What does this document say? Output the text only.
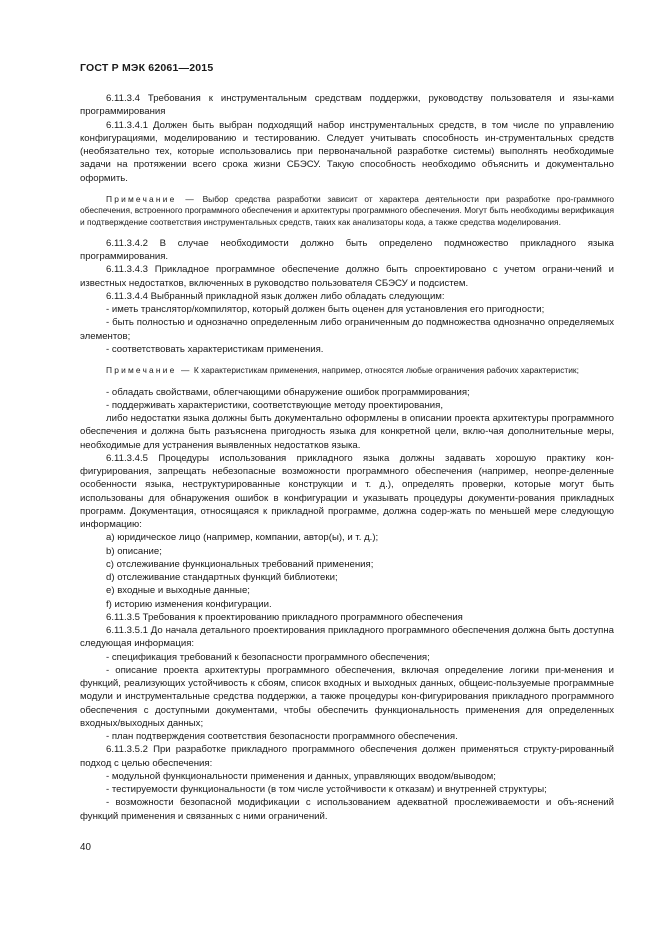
ГОСТ Р МЭК 62061—2015

6.11.3.4 Требования к инструментальным средствам поддержки, руководству пользователя и язы-ками программирования

6.11.3.4.1 Должен быть выбран подходящий набор инструментальных средств, в том числе по управлению конфигурациями, моделированию и тестированию. Следует учитывать способность ин-струментальных средств (необязательно тех, которые использовались при первоначальной разработке системы) выполнять необходимые задачи на протяжении всего срока жизни СБЭСУ. Такую способность необходимо объяснить и документально оформить.

Примечание — Выбор средства разработки зависит от характера деятельности при разработке про-граммного обеспечения, встроенного программного обеспечения и архитектуры программного обеспечения. Могут быть необходимы верификация и подтверждение соответствия инструментальных средств, таких как анализаторы кода, а также средства моделирования.

6.11.3.4.2 В случае необходимости должно быть определено подмножество прикладного языка программирования.

6.11.3.4.3 Прикладное программное обеспечение должно быть спроектировано с учетом ограни-чений и известных недостатков, включенных в руководство пользователя СБЭСУ и подсистем.

6.11.3.4.4 Выбранный прикладной язык должен либо обладать следующим:

- иметь транслятор/компилятор, который должен быть оценен для установления его пригодности;

- быть полностью и однозначно определенным либо ограниченным до подмножества однозначно определяемых элементов;

- соответствовать характеристикам применения.

Примечание — К характеристикам применения, например, относятся любые ограничения рабочих характеристик;

- обладать свойствами, облегчающими обнаружение ошибок программирования;

- поддерживать характеристики, соответствующие методу проектирования,

либо недостатки языка должны быть документально оформлены в описании проекта архитектуры программного обеспечения и должна быть разъяснена пригодность языка для конкретной цели, вклю-чая дополнительные меры, необходимые для устранения выявленных недостатков языка.

6.11.3.4.5 Процедуры использования прикладного языка должны задавать хорошую практику кон-фигурирования, запрещать небезопасные возможности программного обеспечения (например, неопре-деленные особенности языка, неструктурированные конструкции и т. д.), определять проверки, которые могут быть использованы для обнаружения ошибок в конфигурации и указывать процедуры документи-рования прикладных программ. Документация, относящаяся к прикладной программе, должна содер-жать по меньшей мере следующую информацию:

a) юридическое лицо (например, компании, автор(ы), и т. д.);

b) описание;

c) отслеживание функциональных требований применения;

d) отслеживание стандартных функций библиотеки;

e) входные и выходные данные;

f) историю изменения конфигурации.

6.11.3.5 Требования к проектированию прикладного программного обеспечения

6.11.3.5.1 До начала детального проектирования прикладного программного обеспечения должна быть доступна следующая информация:

- спецификация требований к безопасности программного обеспечения;

- описание проекта архитектуры программного обеспечения, включая определение логики при-менения и функций, реализующих устойчивость к сбоям, список входных и выходных данных, общеис-пользуемые программные модули и инструментальные средства поддержки, а также процедуры кон-фигурирования прикладного программного обеспечения с доступными документами, чтобы обеспечить функциональность применения для определенных входных/выходных данных;

- план подтверждения соответствия безопасности программного обеспечения.

6.11.3.5.2 При разработке прикладного программного обеспечения должен применяться структу-рированный подход с целью обеспечения:

- модульной функциональности применения и данных, управляющих вводом/выводом;

- тестируемости функциональности (в том числе устойчивости к отказам) и внутренней структуры;

- возможности безопасной модификации с использованием адекватной прослеживаемости и объ-яснений функций применения и связанных с ними ограничений.

40
